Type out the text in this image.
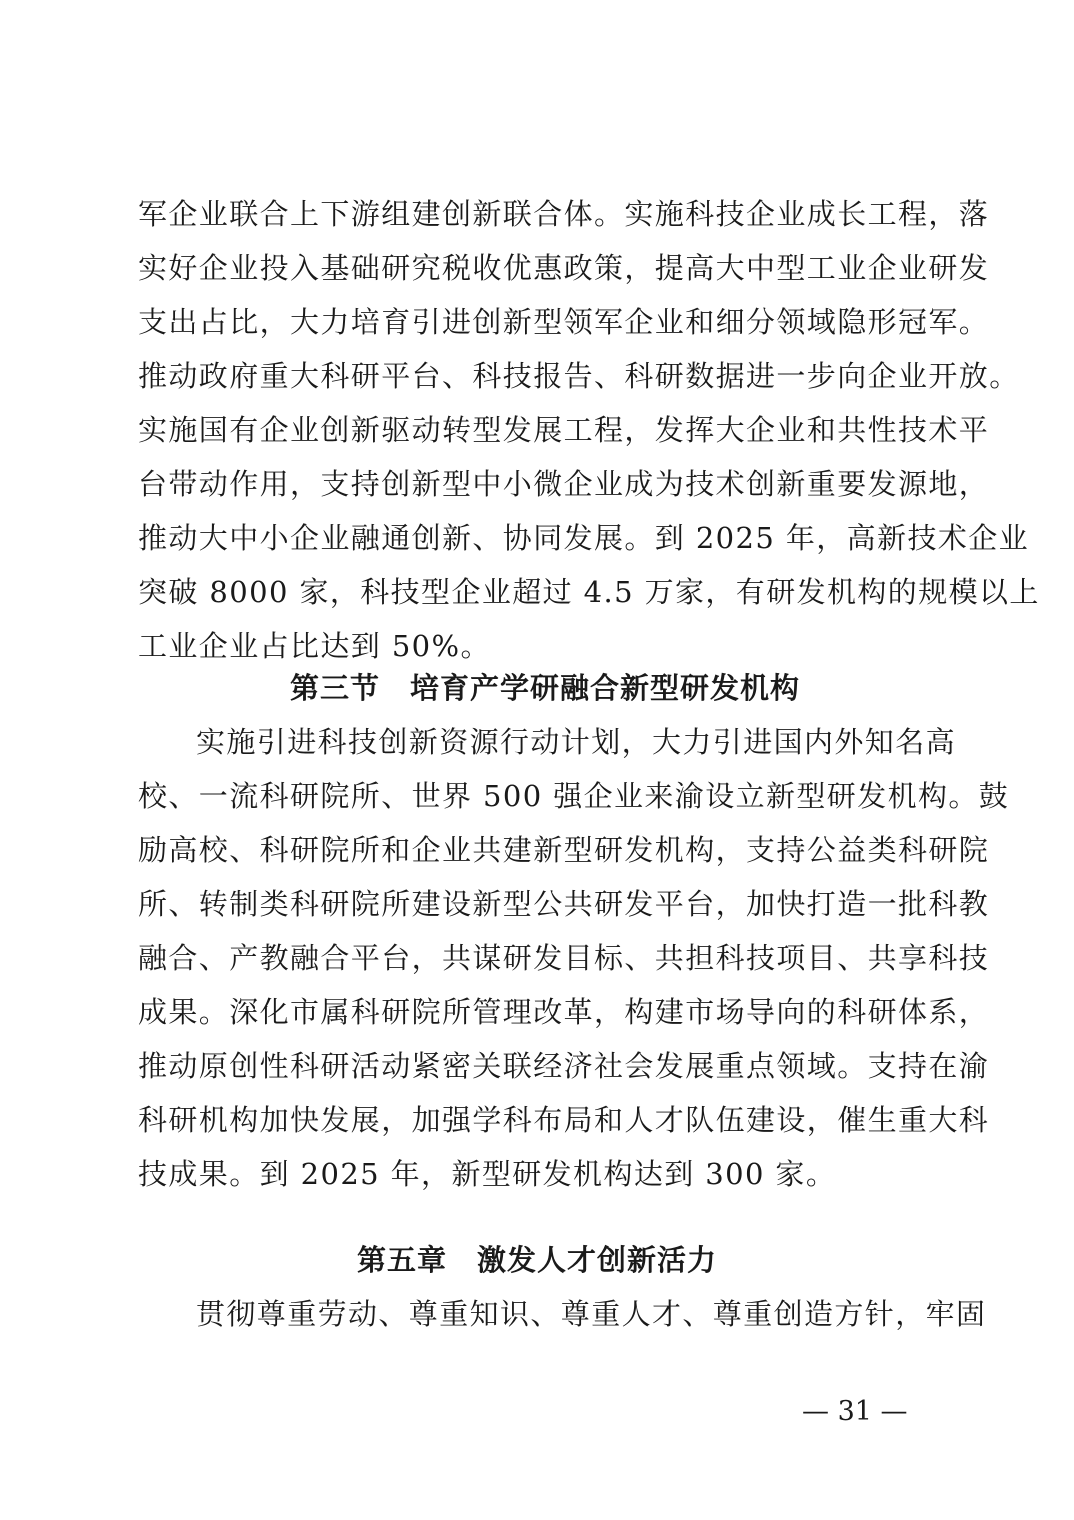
军企业联合上下游组建创新联合体。实施科技企业成长工程，落
实好企业投入基础研究税收优惠政策，提高大中型工业企业研发
支出占比，大力培育引进创新型领军企业和细分领域隐形冠军。
推动政府重大科研平台、科技报告、科研数据进一步向企业开放。
实施国有企业创新驱动转型发展工程，发挥大企业和共性技术平
台带动作用，支持创新型中小微企业成为技术创新重要发源地，
推动大中小企业融通创新、协同发展。到 2025 年，高新技术企业
突破 8000 家，科技型企业超过 4.5 万家，有研发机构的规模以上
工业企业占比达到 50%。
第三节 培育产学研融合新型研发机构
实施引进科技创新资源行动计划，大力引进国内外知名高
校、一流科研院所、世界 500 强企业来渝设立新型研发机构。鼓
励高校、科研院所和企业共建新型研发机构，支持公益类科研院
所、转制类科研院所建设新型公共研发平台，加快打造一批科教
融合、产教融合平台，共谋研发目标、共担科技项目、共享科技
成果。深化市属科研院所管理改革，构建市场导向的科研体系，
推动原创性科研活动紧密关联经济社会发展重点领域。支持在渝
科研机构加快发展，加强学科布局和人才队伍建设，催生重大科
技成果。到 2025 年，新型研发机构达到 300 家。
第五章 激发人才创新活力
贯彻尊重劳动、尊重知识、尊重人才、尊重创造方针，牢固
— 31 —
